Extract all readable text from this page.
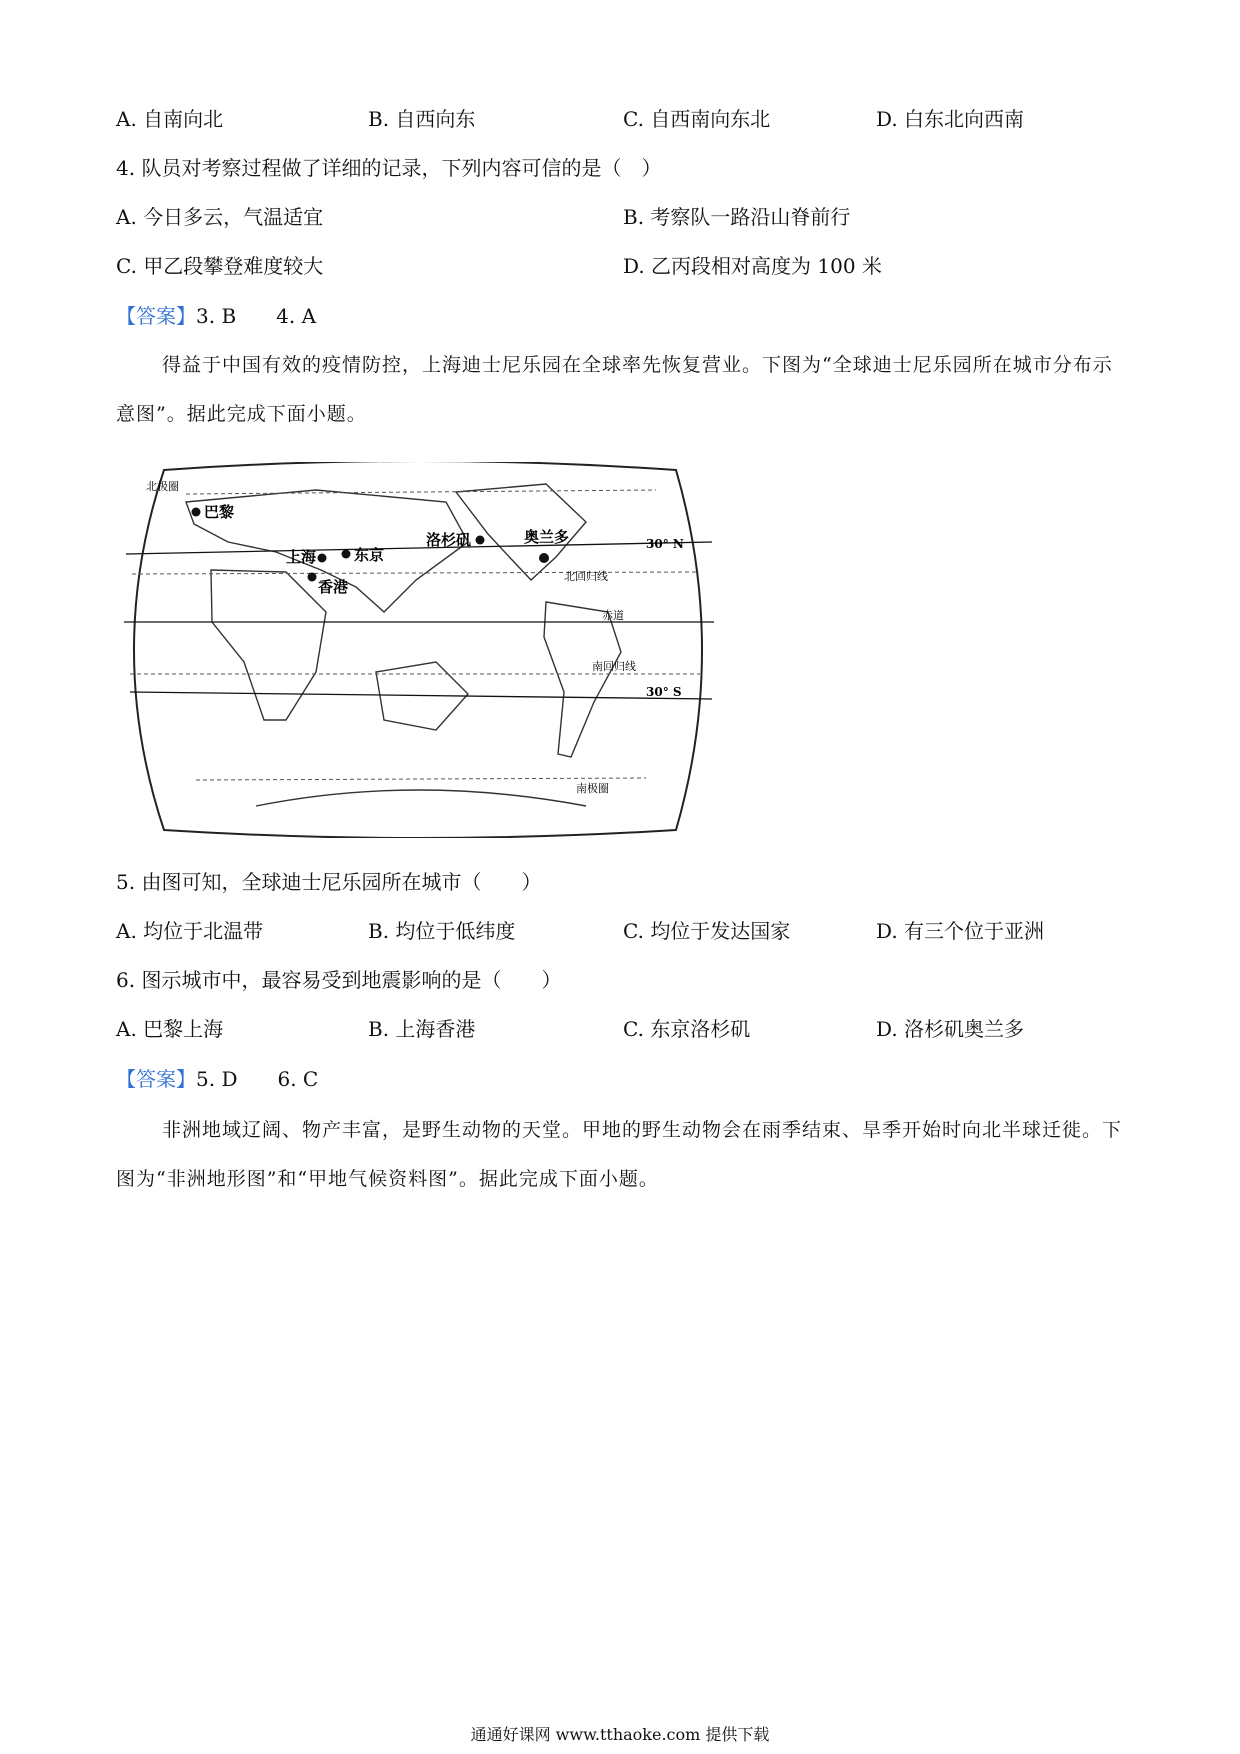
A. 自南向北	B. 自西向东	C. 自西南向东北	D. 白东北向西南
4. 队员对考察过程做了详细的记录，下列内容可信的是（　）
A. 今日多云，气温适宜	B. 考察队一路沿山脊前行
C. 甲乙段攀登难度较大	D. 乙丙段相对高度为 100 米
【答案】3. B　　4. A
得益于中国有效的疫情防控，上海迪士尼乐园在全球率先恢复营业。下图为“全球迪士尼乐园所在城市分布示意图”。据此完成下面小题。
巴黎
上海	东京
香港
洛杉矶	奥兰多
北回归线
赤道
南回归线
北极圈
南极圈
30° N
30° S
5. 由图可知，全球迪士尼乐园所在城市（　　）
A. 均位于北温带	B. 均位于低纬度	C. 均位于发达国家	D. 有三个位于亚洲
6. 图示城市中，最容易受到地震影响的是（　　）
A. 巴黎上海	B. 上海香港	C. 东京洛杉矶	D. 洛杉矶奥兰多
【答案】5. D　　6. C
非洲地域辽阔、物产丰富，是野生动物的天堂。甲地的野生动物会在雨季结束、旱季开始时向北半球迁徙。下图为“非洲地形图”和“甲地气候资料图”。据此完成下面小题。
通通好课网 www.tthaoke.com 提供下载
